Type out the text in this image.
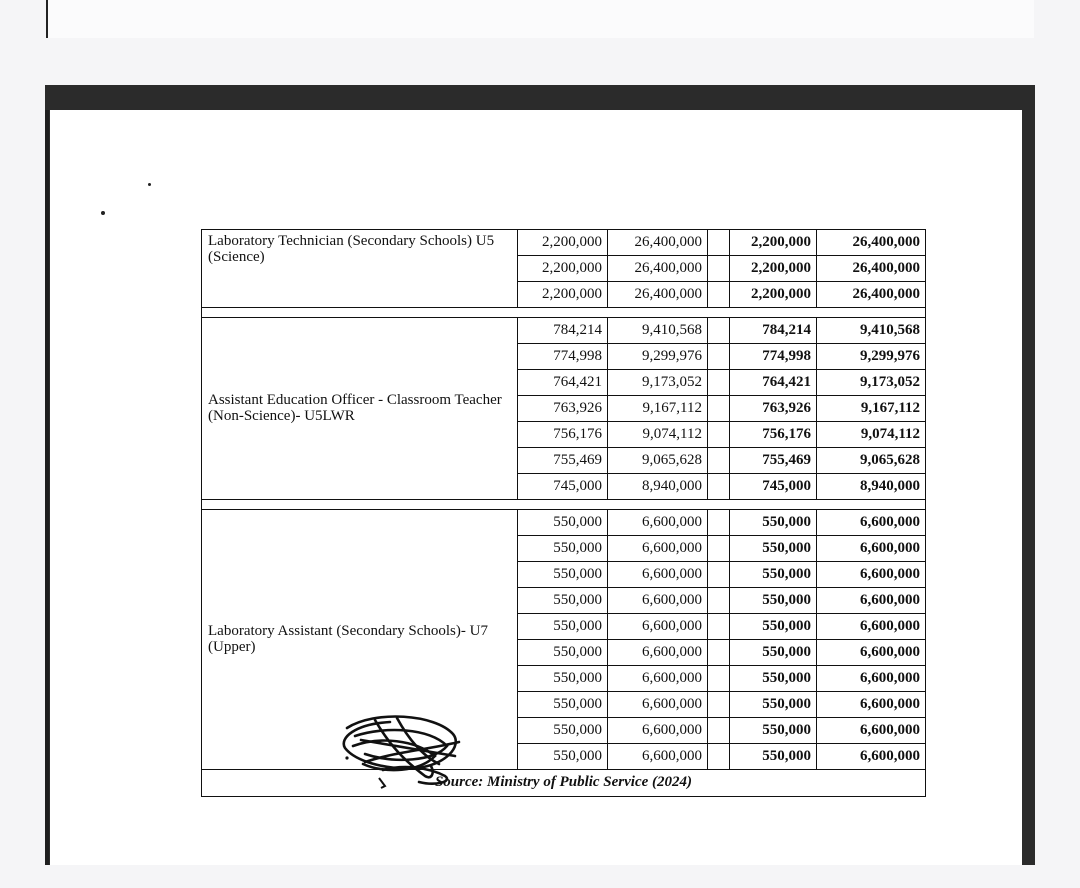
Laboratory Technician (Secondary Schools) U5 (Science)	2,200,000	26,400,000		2,200,000	26,400,000
	2,200,000	26,400,000		2,200,000	26,400,000
	2,200,000	26,400,000		2,200,000	26,400,000

Assistant Education Officer - Classroom Teacher (Non-Science)- U5LWR	784,214	9,410,568		784,214	9,410,568
	774,998	9,299,976		774,998	9,299,976
	764,421	9,173,052		764,421	9,173,052
	763,926	9,167,112		763,926	9,167,112
	756,176	9,074,112		756,176	9,074,112
	755,469	9,065,628		755,469	9,065,628
	745,000	8,940,000		745,000	8,940,000

Laboratory Assistant (Secondary Schools)- U7 (Upper)	550,000	6,600,000		550,000	6,600,000
	550,000	6,600,000		550,000	6,600,000
	550,000	6,600,000		550,000	6,600,000
	550,000	6,600,000		550,000	6,600,000
	550,000	6,600,000		550,000	6,600,000
	550,000	6,600,000		550,000	6,600,000
	550,000	6,600,000		550,000	6,600,000
	550,000	6,600,000		550,000	6,600,000
	550,000	6,600,000		550,000	6,600,000
	550,000	6,600,000		550,000	6,600,000
Source: Ministry of Public Service (2024)					
